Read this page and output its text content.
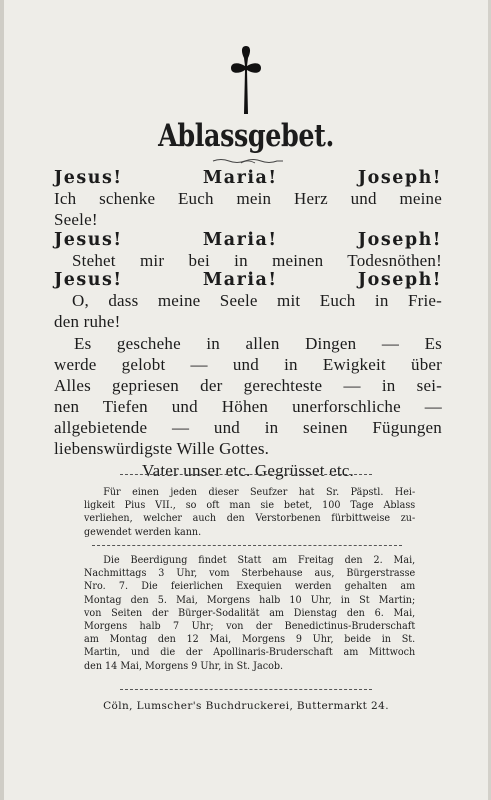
Ablassgebet.
Jesus!	Maria!	Joseph!
Ich schenke Euch mein Herz und meine
Seele!
Jesus!	Maria!	Joseph!
Stehet mir bei in meinen Todesnöthen!
Jesus!	Maria!	Joseph!
O, dass meine Seele mit Euch in Frie-
den ruhe!
Es geschehe in allen Dingen — Es
werde gelobt — und in Ewigkeit über
Alles gepriesen der gerechteste — in sei-
nen Tiefen und Höhen unerforschliche —
allgebietende — und in seinen Fügungen
liebenswürdigste Wille Gottes.
Vater unser etc. Gegrüsset etc.
Für einen jeden dieser Seufzer hat Sr. Päpstl. Hei-
ligkeit Pius VII., so oft man sie betet, 100 Tage Ablass
verliehen, welcher auch den Verstorbenen fürbittweise zu-
gewendet werden kann.
Die Beerdigung findet Statt am Freitag den 2. Mai,
Nachmittags 3 Uhr, vom Sterbehause aus, Bürgerstrasse
Nro. 7. Die feierlichen Exequien werden gehalten am
Montag den 5. Mai, Morgens halb 10 Uhr, in St Martin;
von Seiten der Bürger-Sodalität am Dienstag den 6. Mai,
Morgens halb 7 Uhr; von der Benedictinus-Bruderschaft
am Montag den 12 Mai, Morgens 9 Uhr, beide in St.
Martin, und die der Apollinaris-Bruderschaft am Mittwoch
den 14 Mai, Morgens 9 Uhr, in St. Jacob.
Cöln, Lumscher's Buchdruckerei, Buttermarkt 24.
